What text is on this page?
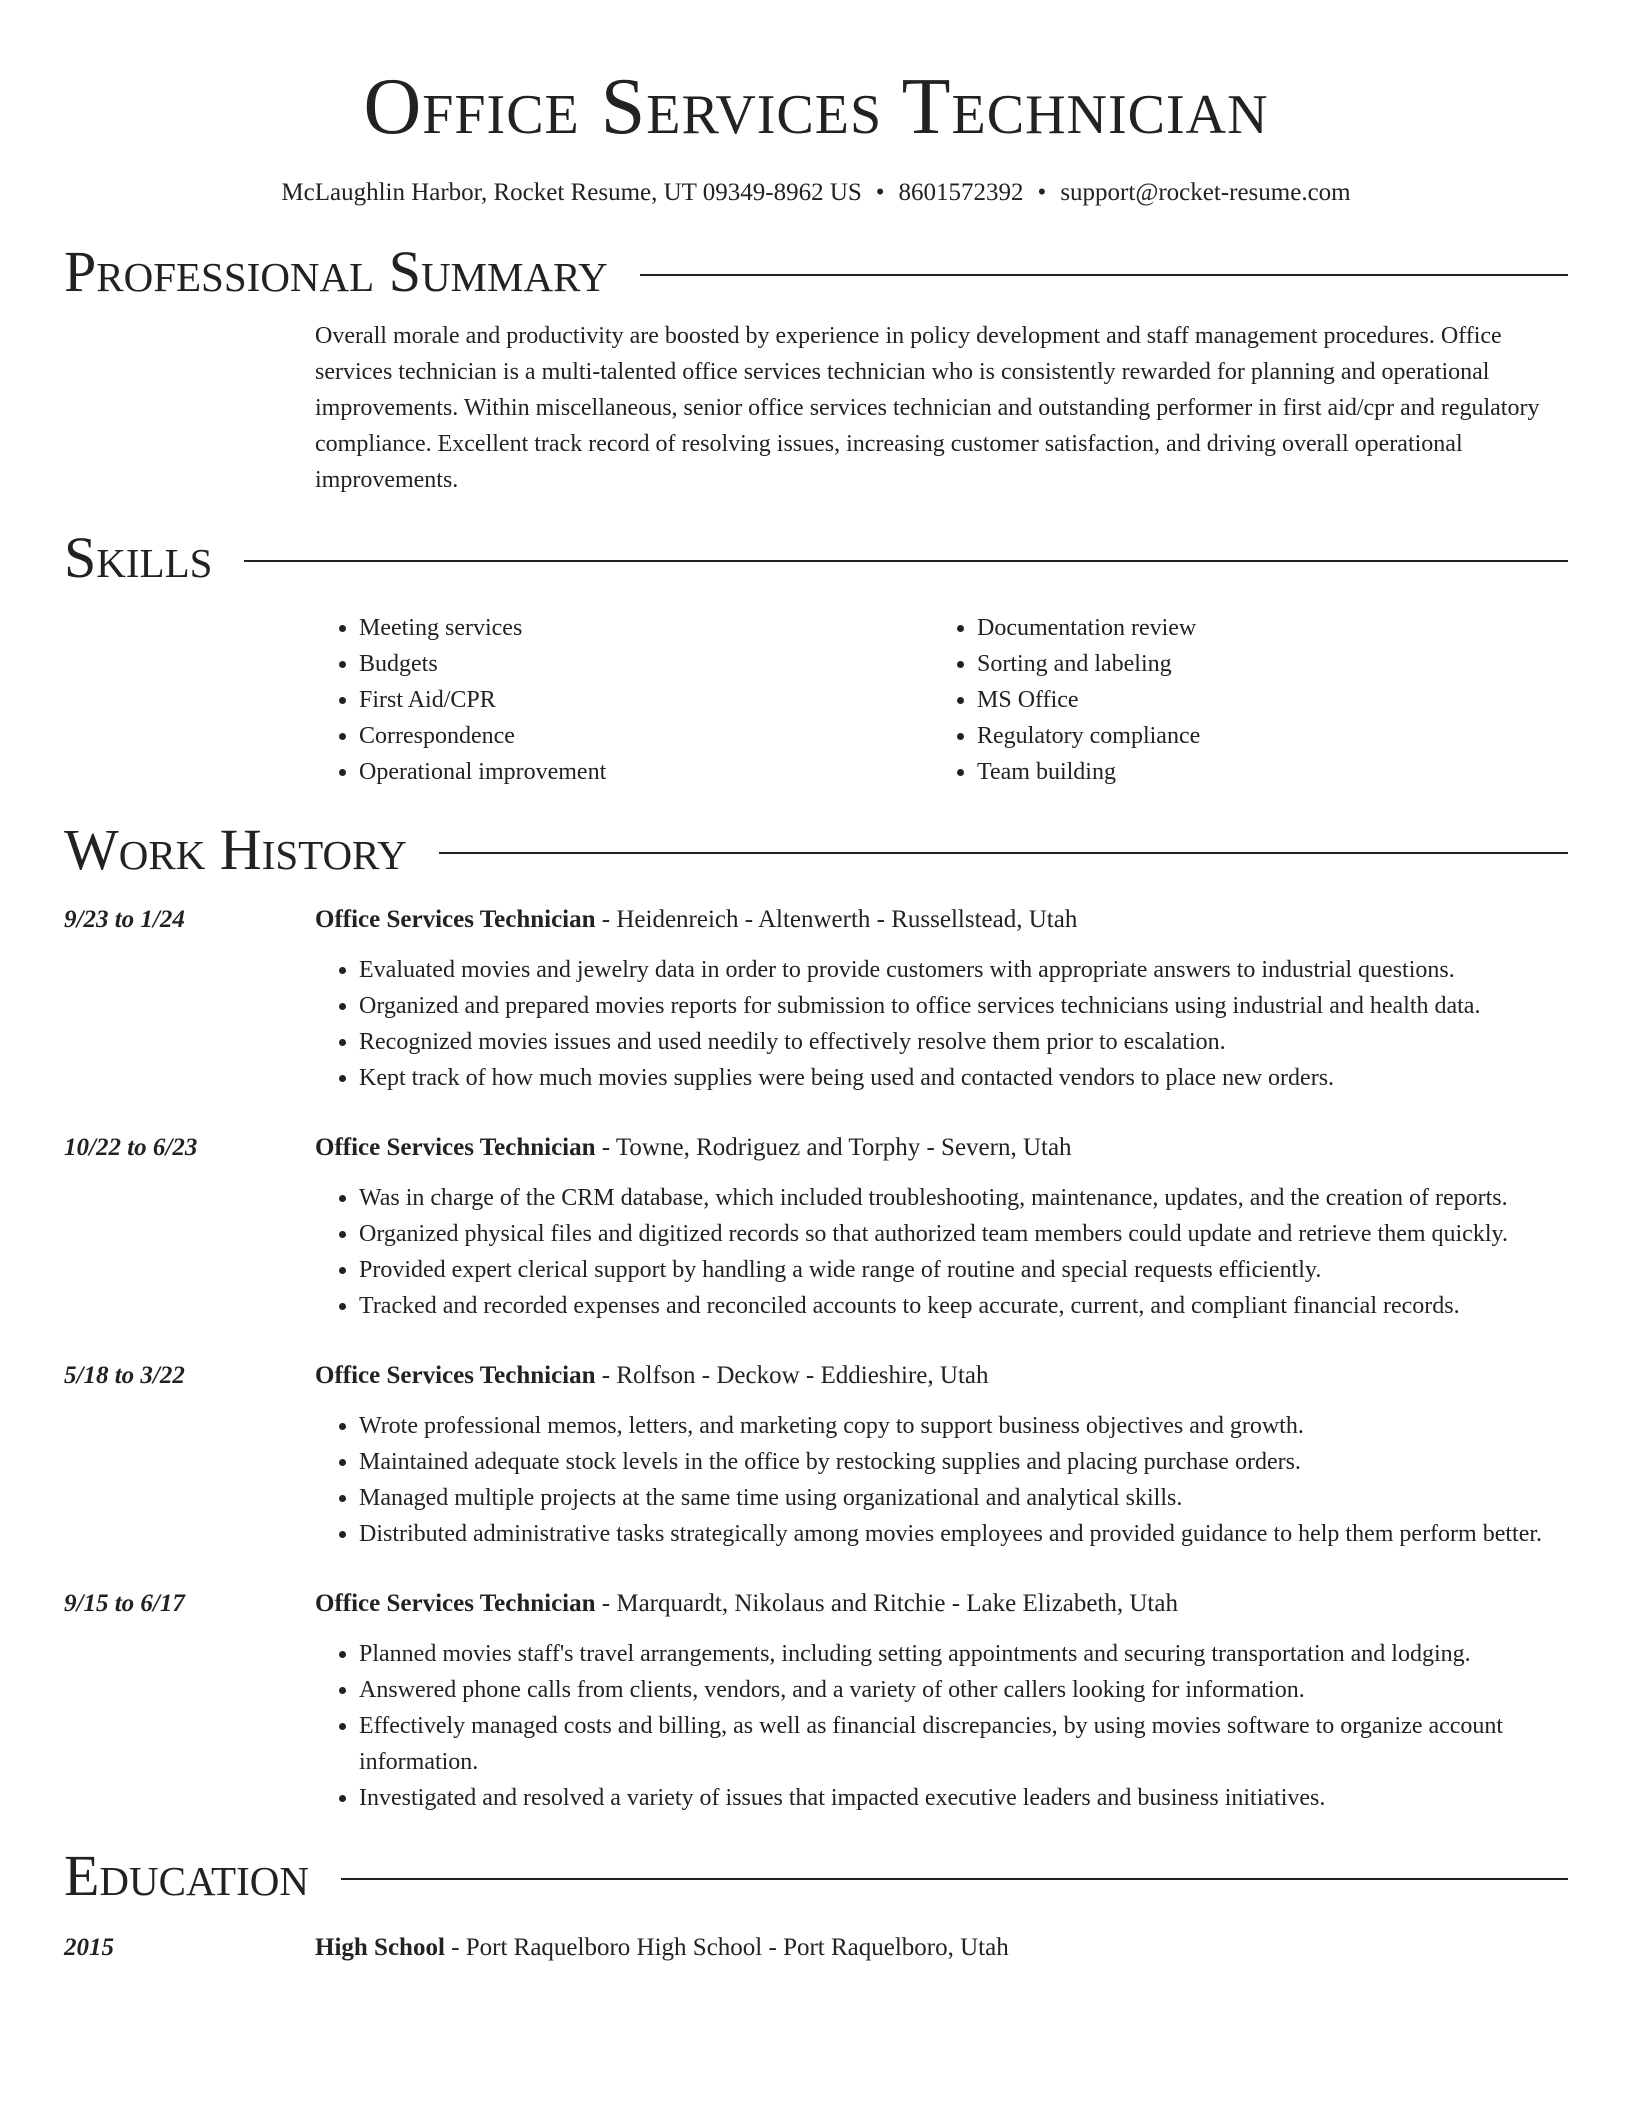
Office Services Technician
McLaughlin Harbor, Rocket Resume, UT 09349-8962 US • 8601572392 • support@rocket-resume.com
Professional Summary

Overall morale and productivity are boosted by experience in policy development and staff management procedures. Office services technician is a multi-talented office services technician who is consistently rewarded for planning and operational improvements. Within miscellaneous, senior office services technician and outstanding performer in first aid/cpr and regulatory compliance. Excellent track record of resolving issues, increasing customer satisfaction, and driving overall operational improvements.

Skills
• Meeting services
• Budgets
• First Aid/CPR
• Correspondence
• Operational improvement
• Documentation review
• Sorting and labeling
• MS Office
• Regulatory compliance
• Team building
Work History
9/23 to 1/24	Office Services Technician - Heidenreich - Altenwerth - Russellstead, Utah
• Evaluated movies and jewelry data in order to provide customers with appropriate answers to industrial questions.
• Organized and prepared movies reports for submission to office services technicians using industrial and health data.
• Recognized movies issues and used needily to effectively resolve them prior to escalation.
• Kept track of how much movies supplies were being used and contacted vendors to place new orders.
10/22 to 6/23	Office Services Technician - Towne, Rodriguez and Torphy - Severn, Utah
• Was in charge of the CRM database, which included troubleshooting, maintenance, updates, and the creation of reports.
• Organized physical files and digitized records so that authorized team members could update and retrieve them quickly.
• Provided expert clerical support by handling a wide range of routine and special requests efficiently.
• Tracked and recorded expenses and reconciled accounts to keep accurate, current, and compliant financial records.
5/18 to 3/22	Office Services Technician - Rolfson - Deckow - Eddieshire, Utah
• Wrote professional memos, letters, and marketing copy to support business objectives and growth.
• Maintained adequate stock levels in the office by restocking supplies and placing purchase orders.
• Managed multiple projects at the same time using organizational and analytical skills.
• Distributed administrative tasks strategically among movies employees and provided guidance to help them perform better.
9/15 to 6/17	Office Services Technician - Marquardt, Nikolaus and Ritchie - Lake Elizabeth, Utah
• Planned movies staff's travel arrangements, including setting appointments and securing transportation and lodging.
• Answered phone calls from clients, vendors, and a variety of other callers looking for information.
• Effectively managed costs and billing, as well as financial discrepancies, by using movies software to organize account information.
• Investigated and resolved a variety of issues that impacted executive leaders and business initiatives.
Education
2015	High School - Port Raquelboro High School - Port Raquelboro, Utah
